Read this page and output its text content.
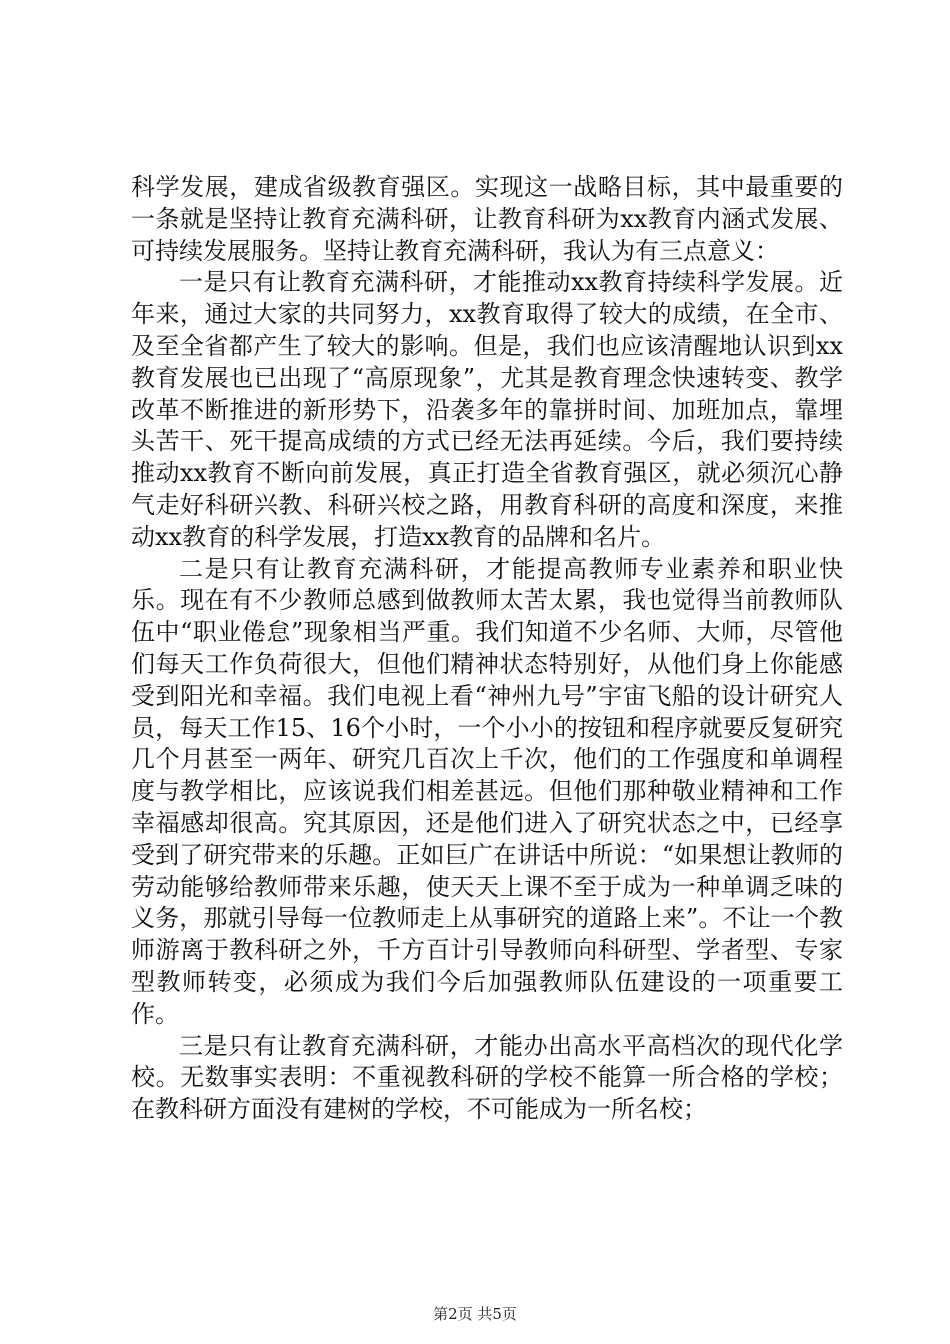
科学发展，建成省级教育强区。实现这一战略目标，其中最重要的一条就是坚持让教育充满科研，让教育科研为xx教育内涵式发展、可持续发展服务。坚持让教育充满科研，我认为有三点意义：

一是只有让教育充满科研，才能推动xx教育持续科学发展。近年来，通过大家的共同努力，xx教育取得了较大的成绩，在全市、及至全省都产生了较大的影响。但是，我们也应该清醒地认识到xx教育发展也已出现了“高原现象”，尤其是教育理念快速转变、教学改革不断推进的新形势下，沿袭多年的靠拼时间、加班加点，靠埋头苦干、死干提高成绩的方式已经无法再延续。今后，我们要持续推动xx教育不断向前发展，真正打造全省教育强区，就必须沉心静气走好科研兴教、科研兴校之路，用教育科研的高度和深度，来推动xx教育的科学发展，打造xx教育的品牌和名片。

二是只有让教育充满科研，才能提高教师专业素养和职业快乐。现在有不少教师总感到做教师太苦太累，我也觉得当前教师队伍中“职业倦怠”现象相当严重。我们知道不少名师、大师，尽管他们每天工作负荷很大，但他们精神状态特别好，从他们身上你能感受到阳光和幸福。我们电视上看“神州九号”宇宙飞船的设计研究人员，每天工作15、16个小时，一个小小的按钮和程序就要反复研究几个月甚至一两年、研究几百次上千次，他们的工作强度和单调程度与教学相比，应该说我们相差甚远。但他们那种敬业精神和工作幸福感却很高。究其原因，还是他们进入了研究状态之中，已经享受到了研究带来的乐趣。正如巨广在讲话中所说：“如果想让教师的劳动能够给教师带来乐趣，使天天上课不至于成为一种单调乏味的义务，那就引导每一位教师走上从事研究的道路上来”。不让一个教师游离于教科研之外，千方百计引导教师向科研型、学者型、专家型教师转变，必须成为我们今后加强教师队伍建设的一项重要工作。

三是只有让教育充满科研，才能办出高水平高档次的现代化学校。无数事实表明：不重视教科研的学校不能算一所合格的学校；在教科研方面没有建树的学校，不可能成为一所名校；

第2页 共5页
